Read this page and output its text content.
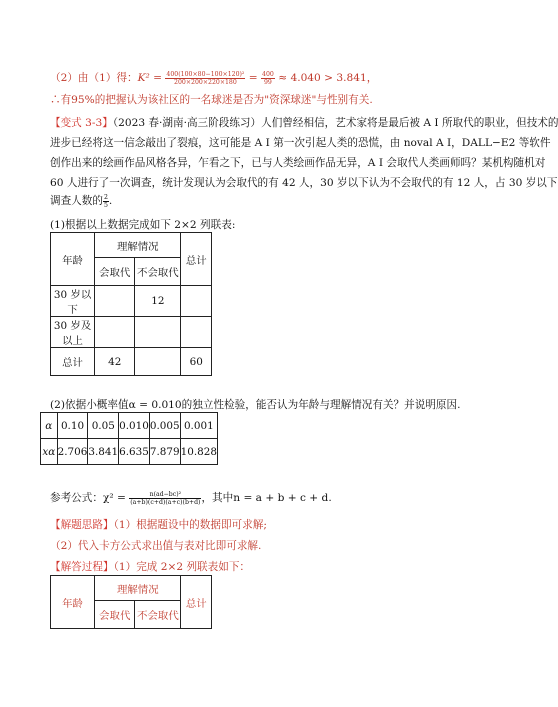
（2）由（1）得：$K^2 = \frac{\text{400(100×80−100×120)²}}{200\times 200\times 220\times 180} = \frac{400}{99} \approx 4.040 > 3.841$，
∴有95%的把握认为该社区的一名球迷是否为"资深球迷"与性别有关.
【变式 3-3】（2023 春·湖南·高三阶段练习）人们曾经相信，艺术家将是最后被 A I 所取代的职业，但技术的
进步已经将这一信念敲出了裂痕，这可能是 A I 第一次引起人类的恐慌，由 noval A I，DALL−E2 等软件
创作出来的绘画作品风格各异，乍看之下，已与人类绘画作品无异，A I 会取代人类画师吗？某机构随机对
60 人进行了一次调查，统计发现认为会取代的有 42 人，30 岁以下认为不会取代的有 12 人，占 30 岁以下
调查人数的 $\frac{2}{5}$ .
(1)根据以上数据完成如下 2×2 列联表:
年龄	理解情况		总计
	会取代	不会取代	
30 岁以下		12	
30 岁及以上			
总计	42		60
(2)依据小概率值α = 0.010的独立性检验，能否认为年龄与理解情况有关？并说明原因.
α	0.10	0.05	0.010	0.005	0.001
xα	2.706	3.841	6.635	7.879	10.828
参考公式：$\chi^2 = \frac{\text{n(ad−bc)²}}{(a+b)(c+d)(a+c)(b+d)}$ ，其中n = a + b + c + d.
【解题思路】（1）根据题设中的数据即可求解;
（2）代入卡方公式求出值与表对比即可求解.
【解答过程】（1）完成 2×2 列联表如下：
年龄	理解情况		总计
	会取代	不会取代	
